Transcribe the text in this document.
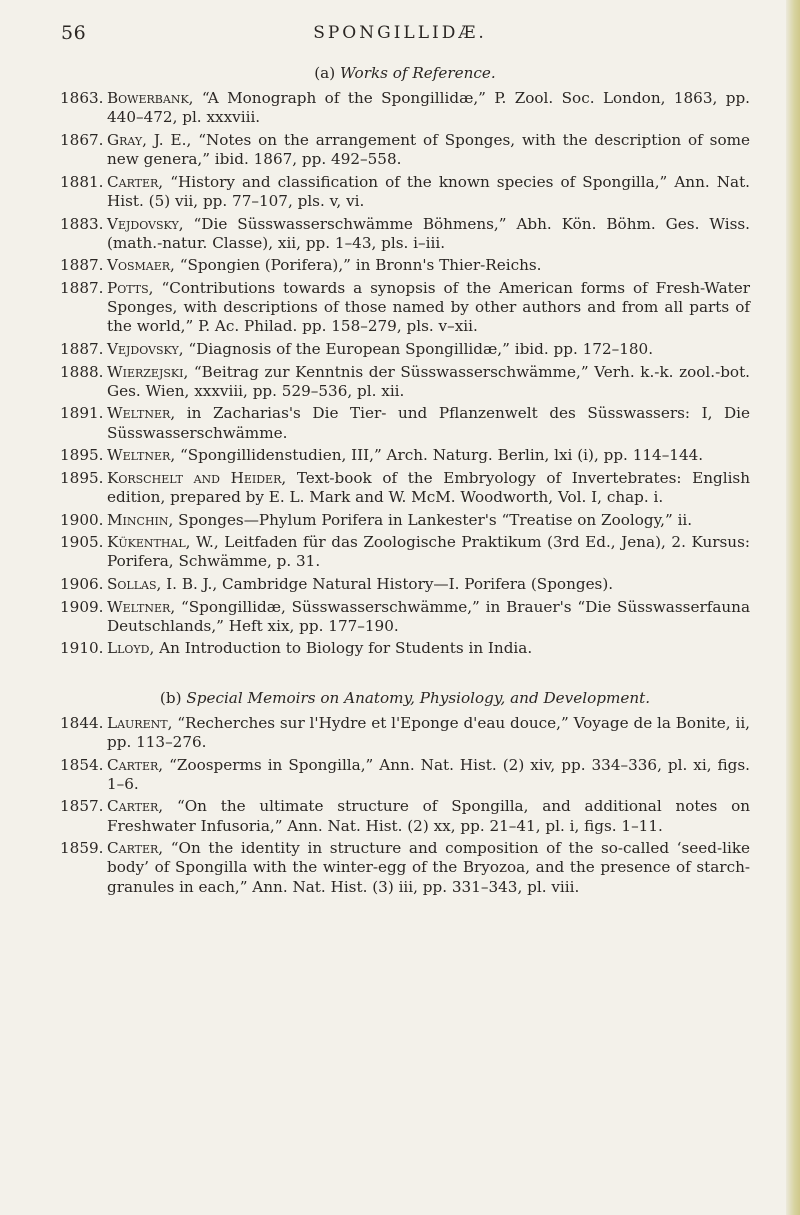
56	SPONGILLIDÆ.
(a) Works of Reference.
1863. Bowerbank, “A Monograph of the Spongillidæ,” P. Zool. Soc. London, 1863, pp. 440–472, pl. xxxviii.
1867. Gray, J. E., “Notes on the arrangement of Sponges, with the description of some new genera,” ibid. 1867, pp. 492–558.
1881. Carter, “History and classification of the known species of Spongilla,” Ann. Nat. Hist. (5) vii, pp. 77–107, pls. v, vi.
1883. Vejdovsky, “Die Süsswasserschwämme Böhmens,” Abh. Kön. Böhm. Ges. Wiss. (math.-natur. Classe), xii, pp. 1–43, pls. i–iii.
1887. Vosmaer, “Spongien (Porifera),” in Bronn's Thier-Reichs.
1887. Potts, “Contributions towards a synopsis of the American forms of Fresh-Water Sponges, with descriptions of those named by other authors and from all parts of the world,” P. Ac. Philad. pp. 158–279, pls. v–xii.
1887. Vejdovsky, “Diagnosis of the European Spongillidæ,” ibid. pp. 172–180.
1888. Wierzejski, “Beitrag zur Kenntnis der Süsswasserschwämme,” Verh. k.-k. zool.-bot. Ges. Wien, xxxviii, pp. 529–536, pl. xii.
1891. Weltner, in Zacharias's Die Tier- und Pflanzenwelt des Süsswassers: I, Die Süsswasserschwämme.
1895. Weltner, “Spongillidenstudien, III,” Arch. Naturg. Berlin, lxi (i), pp. 114–144.
1895. Korschelt and Heider, Text-book of the Embryology of Invertebrates: English edition, prepared by E. L. Mark and W. McM. Woodworth, Vol. I, chap. i.
1900. Minchin, Sponges—Phylum Porifera in Lankester's “Treatise on Zoology,” ii.
1905. Kükenthal, W., Leitfaden für das Zoologische Praktikum (3rd Ed., Jena), 2. Kursus: Porifera, Schwämme, p. 31.
1906. Sollas, I. B. J., Cambridge Natural History—I. Porifera (Sponges).
1909. Weltner, “Spongillidæ, Süsswasserschwämme,” in Brauer's “Die Süsswasserfauna Deutschlands,” Heft xix, pp. 177–190.
1910. Lloyd, An Introduction to Biology for Students in India.
(b) Special Memoirs on Anatomy, Physiology, and Development.
1844. Laurent, “Recherches sur l'Hydre et l'Eponge d'eau douce,” Voyage de la Bonite, ii, pp. 113–276.
1854. Carter, “Zoosperms in Spongilla,” Ann. Nat. Hist. (2) xiv, pp. 334–336, pl. xi, figs. 1–6.
1857. Carter, “On the ultimate structure of Spongilla, and additional notes on Freshwater Infusoria,” Ann. Nat. Hist. (2) xx, pp. 21–41, pl. i, figs. 1–11.
1859. Carter, “On the identity in structure and composition of the so-called ‘seed-like body’ of Spongilla with the winter-egg of the Bryozoa, and the presence of starch-granules in each,” Ann. Nat. Hist. (3) iii, pp. 331–343, pl. viii.
